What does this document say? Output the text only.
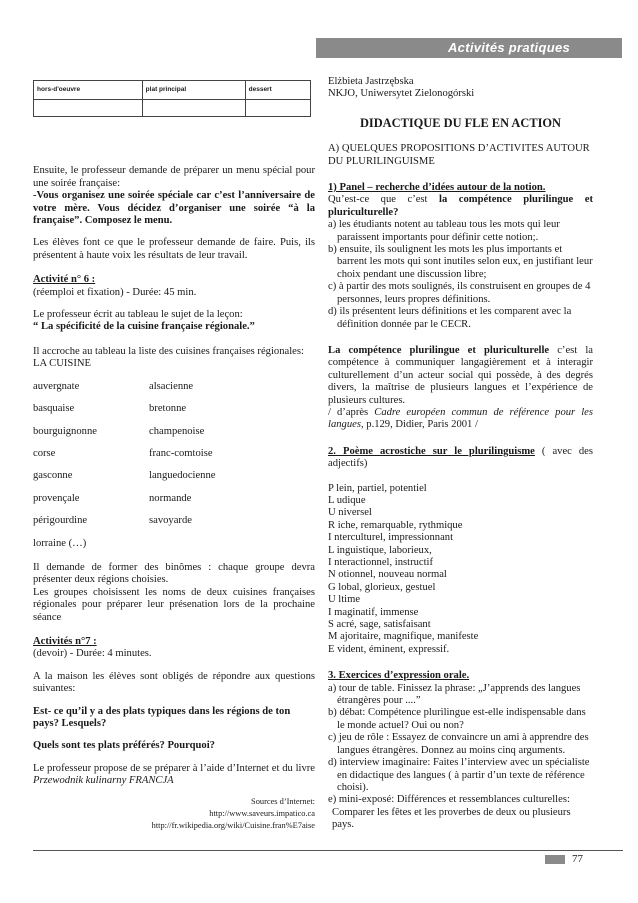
Activités pratiques
hors-d'oeuvre	plat principal	dessert

Ensuite, le professeur demande de préparer un menu spécial pour une soirée française:

-Vous organisez une soirée spéciale car c’est l’anniversaire de votre mère. Vous décidez d’organiser une soirée “à la française”. Composez le menu.

Les élèves font ce que le professeur demande de faire. Puis, ils présentent à haute voix les résultats de leur travail.

Activité n° 6 :

(réemploi et fixation) - Durée: 45 min.

Le professeur écrit au tableau le sujet de la leçon:

“ La spécificité de la cuisine française régionale.”

Il accroche au tableau la liste des cuisines françaises régionales:

LA CUISINE

auvergnate	alsacienne
basquaise	bretonne
bourguignonne	champenoise
corse	franc-comtoise
gasconne	languedocienne
provençale	normande
périgourdine	savoyarde

lorraine (…)

Il demande de former des binômes : chaque groupe devra présenter deux régions choisies.

Les groupes choisissent les noms de deux cuisines françaises régionales pour préparer leur présenation lors de la prochaine séance

Activités n°7 :

(devoir) - Durée: 4 minutes.

A la maison les élèves sont obligés de répondre aux questions suivantes:

Est- ce qu’il y a des plats typiques dans les régions de ton pays? Lesquels?

Quels sont tes plats préférés? Pourquoi?

Le professeur propose de se préparer à l’aide d’Internet et du livre Przewodnik kulinarny FRANCJA

Sources d’Internet:
http://www.saveurs.impatico.ca
http://fr.wikipedia.org/wiki/Cuisine.fran%E7aise

Elżbieta Jastrzębska

NKJO, Uniwersytet Zielonogórski

DIDACTIQUE DU FLE EN ACTION

A) QUELQUES PROPOSITIONS D’ACTIVITES AUTOUR DU PLURILINGUISME

1) Panel – recherche d’idées autour de la notion.

Qu’est-ce que c’est la compétence plurilingue et pluriculturelle?

a) les étudiants notent au tableau tous les mots qui leur paraissent importants pour définir cette notion;.

b) ensuite, ils soulignent les mots les plus importants et barrent les mots qui sont inutiles selon eux, en justifiant leur choix pendant une discussion libre;

c) à partir des mots soulignés, ils construisent en groupes de 4 personnes, leurs propres définitions.

d) ils présentent leurs définitions et les comparent avec la définition donnée par le CECR.

La compétence plurilingue et pluriculturelle c’est la compétence à communiquer langagièrement et à interagir culturellement d’un acteur social qui possède, à des degrés divers, la maîtrise de plusieurs langues et l’expérience de plusieurs cultures.

/ d’après Cadre européen commun de référence pour les langues, p.129, Didier, Paris 2001 /

2. Poème acrostiche sur le plurilinguisme ( avec des adjectifs)

P lein, partiel, potentiel

L udique

U niversel

R iche, remarquable, rythmique

I nterculturel, impressionnant

L inguistique, laborieux,

I nteractionnel, instructif

N otionnel, nouveau normal

G lobal, glorieux, gestuel

U ltime

I maginatif, immense

S acré, sage, satisfaisant

M ajoritaire, magnifique, manifeste

E vident, éminent, expressif.

3. Exercices d’expression orale.

a) tour de table. Finissez la phrase: „J’apprends des langues étrangères pour ....”

b) débat: Compétence plurilingue est-elle indispensable dans le monde actuel? Oui ou non?

c) jeu de rôle : Essayez de convaincre un ami à apprendre des langues étrangères. Donnez au moins cinq arguments.

d) interview imaginaire: Faites l’interview avec un spécialiste en didactique des langues ( à partir d’un texte de référence choisi).

e) mini-exposé: Différences et ressemblances culturelles:

Comparer les fêtes et les proverbes de deux ou plusieurs pays.

77
